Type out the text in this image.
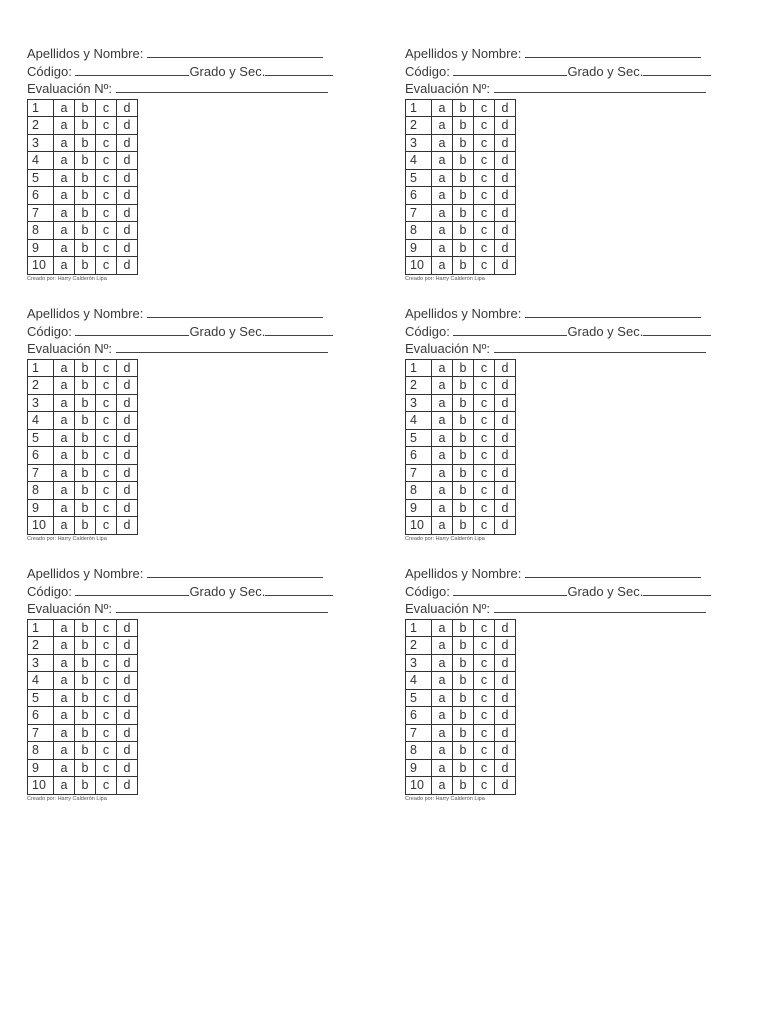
Apellidos y Nombre:
Código:	Grado y Sec.
Evaluación Nº:
1	a	b	c	d
2	a	b	c	d
3	a	b	c	d
4	a	b	c	d
5	a	b	c	d
6	a	b	c	d
7	a	b	c	d
8	a	b	c	d
9	a	b	c	d
10	a	b	c	d
Creado por: Harry Calderón Lipa
Apellidos y Nombre:
Código:	Grado y Sec.
Evaluación Nº:
1	a	b	c	d
2	a	b	c	d
3	a	b	c	d
4	a	b	c	d
5	a	b	c	d
6	a	b	c	d
7	a	b	c	d
8	a	b	c	d
9	a	b	c	d
10	a	b	c	d
Creado por: Harry Calderón Lipa
Apellidos y Nombre:
Código:	Grado y Sec.
Evaluación Nº:
1	a	b	c	d
2	a	b	c	d
3	a	b	c	d
4	a	b	c	d
5	a	b	c	d
6	a	b	c	d
7	a	b	c	d
8	a	b	c	d
9	a	b	c	d
10	a	b	c	d
Creado por: Harry Calderón Lipa
Apellidos y Nombre:
Código:	Grado y Sec.
Evaluación Nº:
1	a	b	c	d
2	a	b	c	d
3	a	b	c	d
4	a	b	c	d
5	a	b	c	d
6	a	b	c	d
7	a	b	c	d
8	a	b	c	d
9	a	b	c	d
10	a	b	c	d
Creado por: Harry Calderón Lipa
Apellidos y Nombre:
Código:	Grado y Sec.
Evaluación Nº:
1	a	b	c	d
2	a	b	c	d
3	a	b	c	d
4	a	b	c	d
5	a	b	c	d
6	a	b	c	d
7	a	b	c	d
8	a	b	c	d
9	a	b	c	d
10	a	b	c	d
Creado por: Harry Calderón Lipa
Apellidos y Nombre:
Código:	Grado y Sec.
Evaluación Nº:
1	a	b	c	d
2	a	b	c	d
3	a	b	c	d
4	a	b	c	d
5	a	b	c	d
6	a	b	c	d
7	a	b	c	d
8	a	b	c	d
9	a	b	c	d
10	a	b	c	d
Creado por: Harry Calderón Lipa
